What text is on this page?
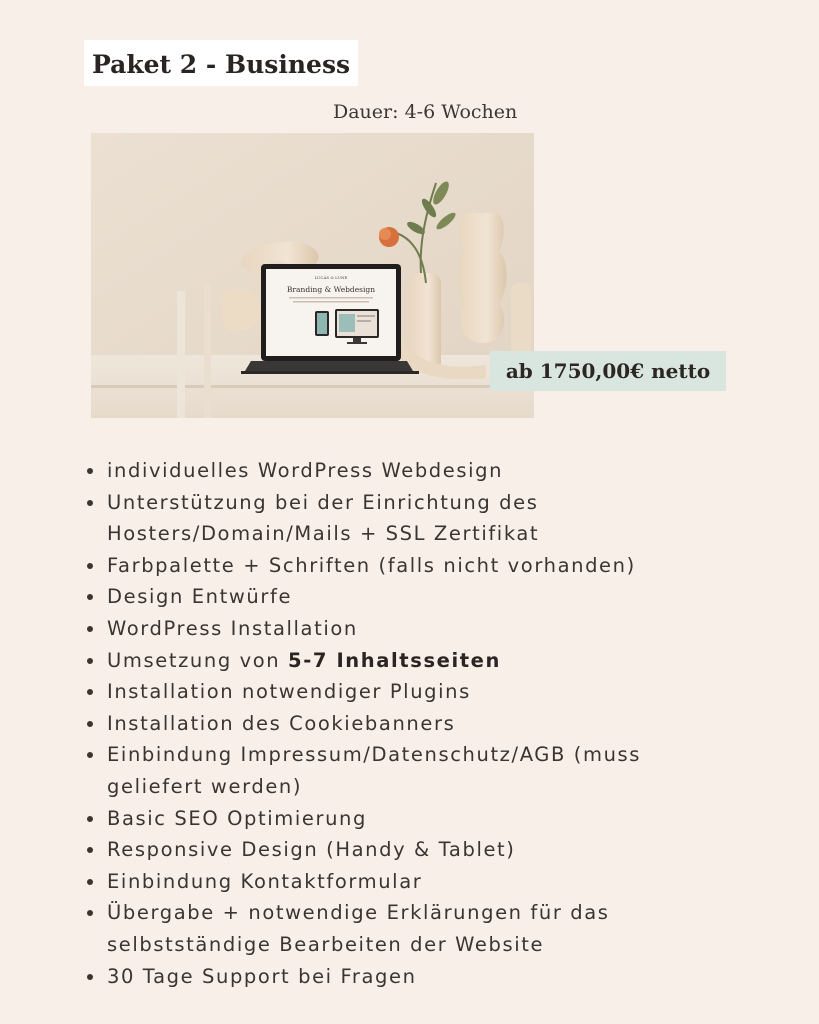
Paket 2 - Business
Dauer: 4-6 Wochen
LUCAS & LUNE
Branding & Webdesign
ab 1750,00€ netto
individuelles WordPress Webdesign
Unterstützung bei der Einrichtung des Hosters/Domain/Mails + SSL Zertifikat
Farbpalette + Schriften (falls nicht vorhanden)
Design Entwürfe
WordPress Installation
Umsetzung von 5-7 Inhaltsseiten
Installation notwendiger Plugins
Installation des Cookiebanners
Einbindung Impressum/Datenschutz/AGB (muss geliefert werden)
Basic SEO Optimierung
Responsive Design (Handy & Tablet)
Einbindung Kontaktformular
Übergabe + notwendige Erklärungen für das selbstständige Bearbeiten der Website
30 Tage Support bei Fragen
